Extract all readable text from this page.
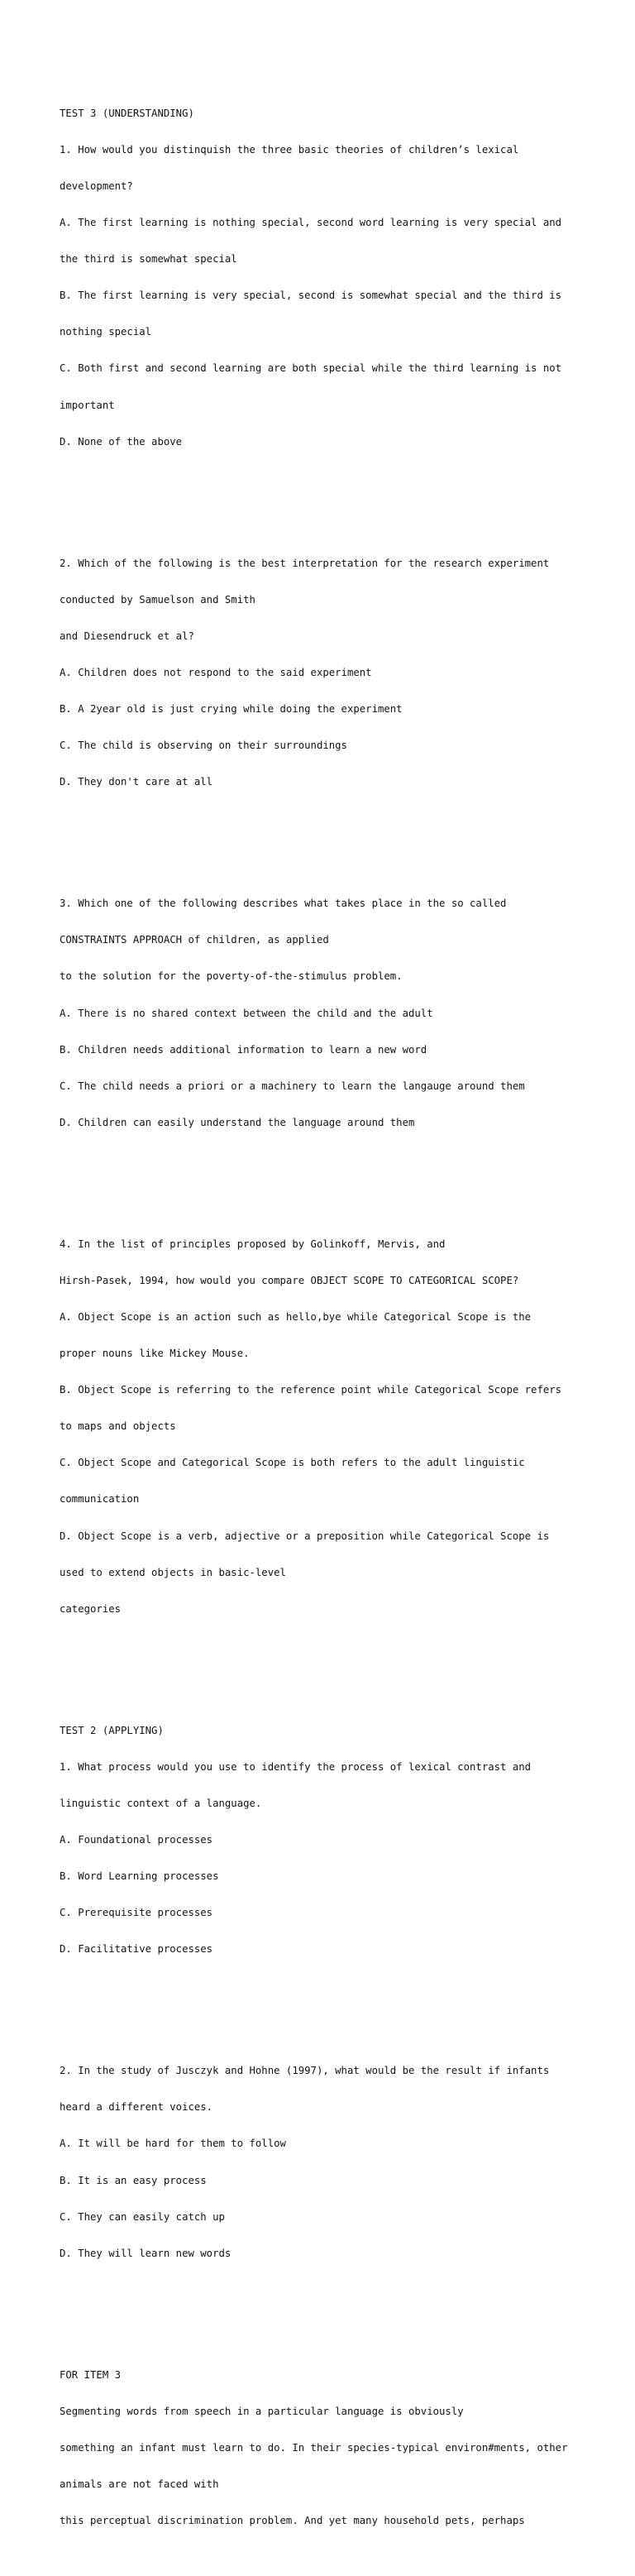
TEST 3 (UNDERSTANDING)

1. How would you distinquish the three basic theories of children’s lexical

development?

A. The first learning is nothing special, second word learning is very special and

the third is somewhat special

B. The first learning is very special, second is somewhat special and the third is

nothing special

C. Both first and second learning are both special while the third learning is not

important

D. None of the above

2. Which of the following is the best interpretation for the research experiment

conducted by Samuelson and Smith

and Diesendruck et al?

A. Children does not respond to the said experiment

B. A 2year old is just crying while doing the experiment

C. The child is observing on their surroundings

D. They don't care at all

3. Which one of the following describes what takes place in the so called

CONSTRAINTS APPROACH of children, as applied

to the solution for the poverty-of-the-stimulus problem.

A. There is no shared context between the child and the adult

B. Children needs additional information to learn a new word

C. The child needs a priori or a machinery to learn the langauge around them

D. Children can easily understand the language around them

4. In the list of principles proposed by Golinkoff, Mervis, and

Hirsh-Pasek, 1994, how would you compare OBJECT SCOPE TO CATEGORICAL SCOPE?

A. Object Scope is an action such as hello,bye while Categorical Scope is the

proper nouns like Mickey Mouse.

B. Object Scope is referring to the reference point while Categorical Scope refers

to maps and objects

C. Object Scope and Categorical Scope is both refers to the adult linguistic

communication

D. Object Scope is a verb, adjective or a preposition while Categorical Scope is

used to extend objects in basic-level

categories

TEST 2 (APPLYING)

1. What process would you use to identify the process of lexical contrast and

linguistic context of a language.

A. Foundational processes

B. Word Learning processes

C. Prerequisite processes

D. Facilitative processes

2. In the study of Jusczyk and Hohne (1997), what would be the result if infants

heard a different voices.

A. It will be hard for them to follow

B. It is an easy process

C. They can easily catch up

D. They will learn new words

FOR ITEM 3

Segmenting words from speech in a particular language is obviously

something an infant must learn to do. In their species-typical environ#ments, other

animals are not faced with

this perceptual discrimination problem. And yet many household pets, perhaps
